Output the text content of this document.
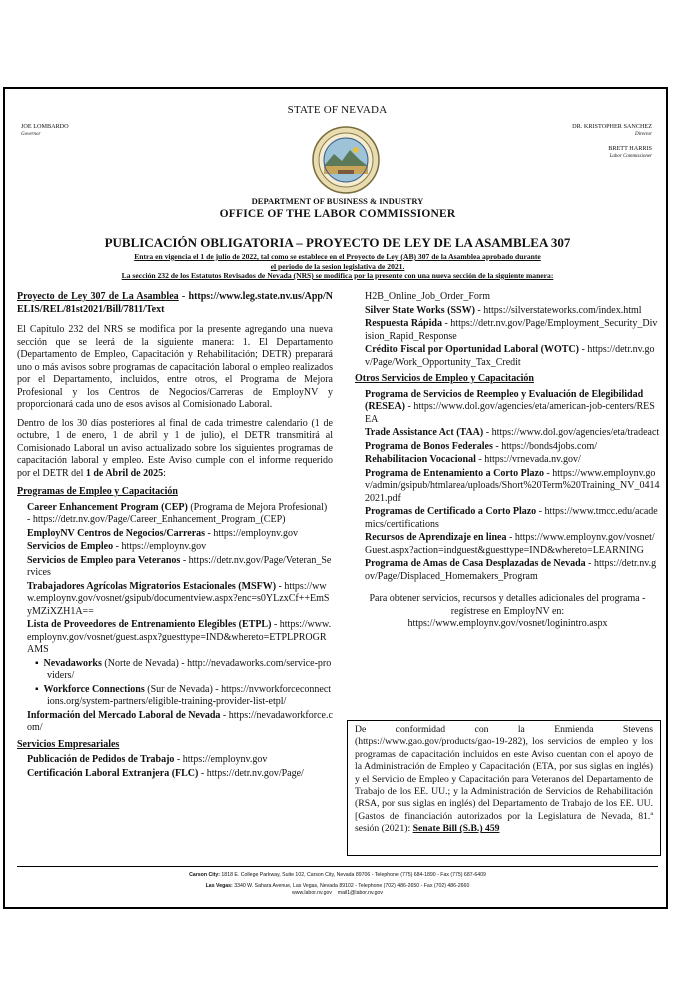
STATE OF NEVADA
JOE LOMBARDO
Governor
DR. KRISTOPHER SANCHEZ
Director
BRETT HARRIS
Labor Commissioner
DEPARTMENT OF BUSINESS & INDUSTRY
OFFICE OF THE LABOR COMMISSIONER
PUBLICACIÓN OBLIGATORIA – PROYECTO DE LEY DE LA ASAMBLEA 307
Entra en vigencia el 1 de julio de 2022, tal como se establece en el Proyecto de Ley (AB) 307 de la Asamblea aprobado durante
el periodo de la sesion legislativa de 2021.
La sección 232 de los Estatutos Revisados de Nevada (NRS) se modifica por la presente con una nueva sección de la siguiente manera:

Proyecto de Ley 307 de La Asamblea - https://www.leg.state.nv.us/App/NELIS/REL/81st2021/Bill/7811/Text

El Capítulo 232 del NRS se modifica por la presente agregando una nueva sección que se leerá de la siguiente manera: 1. El Departamento (Departamento de Empleo, Capacitación y Rehabilitación; DETR) preparará uno o más avisos sobre programas de capacitación laboral o empleo realizados por el Departamento, incluidos, entre otros, el Programa de Mejora Profesional y los Centros de Negocios/Carreras de EmployNV y proporcionará cada uno de esos avisos al Comisionado Laboral.

Dentro de los 30 días posteriores al final de cada trimestre calendario (1 de octubre, 1 de enero, 1 de abril y 1 de julio), el DETR transmitirá al Comisionado Laboral un aviso actualizado sobre los siguientes programas de capacitación laboral y empleo. Este Aviso cumple con el informe requerido por el DETR del 1 de Abril de 2025:

Programas de Empleo y Capacitación
Career Enhancement Program (CEP) (Programa de Mejora Profesional) - https://detr.nv.gov/Page/Career_Enhancement_Program_(CEP)
EmployNV Centros de Negocios/Carreras - https://employnv.gov
Servicios de Empleo - https://employnv.gov
Servicios de Empleo para Veteranos - https://detr.nv.gov/Page/Veteran_Services
Trabajadores Agrícolas Migratorios Estacionales (MSFW) - https://www.employnv.gov/vosnet/gsipub/documentview.aspx?enc=s0YLzxCf++EmSyMZiXZH1A==
Lista de Proveedores de Entrenamiento Elegibles (ETPL) - https://www.employnv.gov/vosnet/guest.aspx?guesttype=IND&whereto=ETPLPROGRAMS
▪  Nevadaworks (Norte de Nevada) - http://nevadaworks.com/service-providers/
▪  Workforce Connections (Sur de Nevada) - https://nvworkforceconnections.org/system-partners/eligible-training-provider-list-etpl/
Información del Mercado Laboral de Nevada - https://nevadaworkforce.com/
Servicios Empresariales
Publicación de Pedidos de Trabajo - https://employnv.gov
Certificación Laboral Extranjera (FLC) - https://detr.nv.gov/Page/
H2B_Online_Job_Order_Form
Silver State Works (SSW) - https://silverstateworks.com/index.html
Respuesta Rápida - https://detr.nv.gov/Page/Employment_Security_Division_Rapid_Response
Crédito Fiscal por Oportunidad Laboral (WOTC) - https://detr.nv.gov/Page/Work_Opportunity_Tax_Credit
Otros Servicios de Empleo y Capacitación
Programa de Servicios de Reempleo y Evaluación de Elegibilidad (RESEA) - https://www.dol.gov/agencies/eta/american-job-centers/RESEA
Trade Assistance Act (TAA) - https://www.dol.gov/agencies/eta/tradeact
Programa de Bonos Federales - https://bonds4jobs.com/
Rehabilitacion Vocacional - https://vrnevada.nv.gov/
Programa de Entenamiento a Corto Plazo - https://www.employnv.gov/admin/gsipub/htmlarea/uploads/Short%20Term%20Training_NV_04142021.pdf
Programas de Certificado a Corto Plazo - https://www.tmcc.edu/academics/certifications
Recursos de Aprendizaje en linea - https://www.employnv.gov/vosnet/Guest.aspx?action=indguest&guesttype=IND&whereto=LEARNING
Programa de Amas de Casa Desplazadas de Nevada - https://detr.nv.gov/Page/Displaced_Homemakers_Program
Para obtener servicios, recursos y detalles adicionales del programa - regístrese en EmployNV en: https://www.employnv.gov/vosnet/loginintro.aspx
De conformidad con la Enmienda Stevens (https://www.gao.gov/products/gao-19-282), los servicios de empleo y los programas de capacitación incluidos en este Aviso cuentan con el apoyo de la Administración de Empleo y Capacitación (ETA, por sus siglas en inglés) y el Servicio de Empleo y Capacitación para Veteranos del Departamento de Trabajo de los EE. UU.; y la Administración de Servicios de Rehabilitación (RSA, por sus siglas en inglés) del Departamento de Trabajo de los EE. UU. [Gastos de financiación autorizados por la Legislatura de Nevada, 81.ª sesión (2021): Senate Bill (S.B.) 459
Carson City: 1818 E. College Parkway, Suite 102, Carson City, Nevada 89706 - Telephone (775) 684-1890 - Fax (775) 687-6409
Las Vegas: 3340 W. Sahara Avenue, Las Vegas, Nevada 89102 - Telephone (702) 486-2650 - Fax (702) 486-2660
www.labor.nv.gov mail1@labor.nv.gov
